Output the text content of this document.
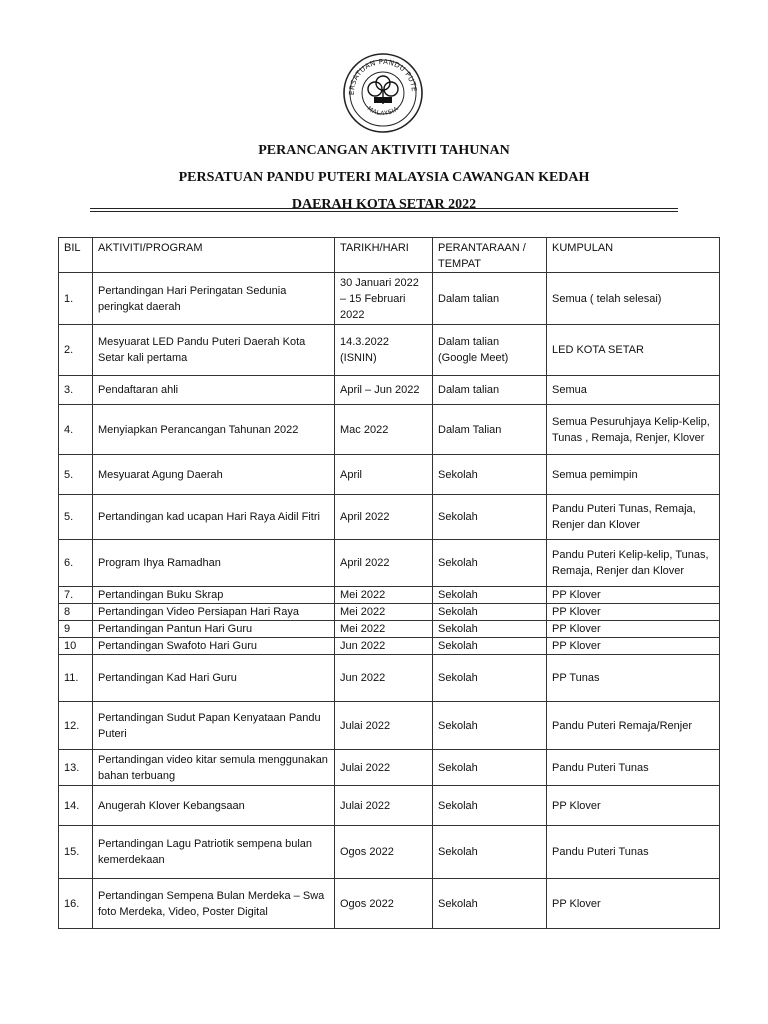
ERSATUAN PANDU PUTE
MALAYSIA
PERANCANGAN AKTIVITI TAHUNAN
PERSATUAN PANDU PUTERI MALAYSIA CAWANGAN KEDAH
DAERAH KOTA SETAR 2022
BIL	AKTIVITI/PROGRAM	TARIKH/HARI	PERANTARAAN / TEMPAT	KUMPULAN
1.	Pertandingan Hari Peringatan Sedunia peringkat daerah	30 Januari 2022 – 15 Februari 2022	Dalam talian	Semua ( telah selesai)
2.	Mesyuarat LED Pandu Puteri Daerah Kota Setar kali pertama	14.3.2022 (ISNIN)	Dalam talian (Google Meet)	LED KOTA SETAR
3.	Pendaftaran ahli	April – Jun 2022	Dalam talian	Semua
4.	Menyiapkan Perancangan Tahunan 2022	Mac 2022	Dalam Talian	Semua Pesuruhjaya Kelip-Kelip, Tunas , Remaja, Renjer, Klover
5.	Mesyuarat Agung Daerah	April	Sekolah	Semua pemimpin
5.	Pertandingan kad ucapan Hari Raya Aidil Fitri	April 2022	Sekolah	Pandu Puteri Tunas, Remaja, Renjer dan Klover
6.	Program Ihya Ramadhan	April 2022	Sekolah	Pandu Puteri Kelip-kelip, Tunas, Remaja, Renjer dan Klover
7.	Pertandingan Buku Skrap	Mei 2022	Sekolah	PP Klover
8	Pertandingan Video Persiapan Hari Raya	Mei 2022	Sekolah	PP Klover
9	Pertandingan Pantun Hari Guru	Mei 2022	Sekolah	PP Klover
10	Pertandingan Swafoto Hari Guru	Jun 2022	Sekolah	PP Klover
11.	Pertandingan Kad Hari Guru	Jun 2022	Sekolah	PP Tunas
12.	Pertandingan Sudut Papan Kenyataan Pandu Puteri	Julai 2022	Sekolah	Pandu Puteri Remaja/Renjer
13.	Pertandingan video kitar semula menggunakan bahan terbuang	Julai 2022	Sekolah	Pandu Puteri Tunas
14.	Anugerah Klover Kebangsaan	Julai 2022	Sekolah	PP Klover
15.	Pertandingan Lagu Patriotik sempena bulan kemerdekaan	Ogos 2022	Sekolah	Pandu Puteri Tunas
16.	Pertandingan Sempena Bulan Merdeka – Swa foto Merdeka, Video, Poster Digital	Ogos 2022	Sekolah	PP Klover
